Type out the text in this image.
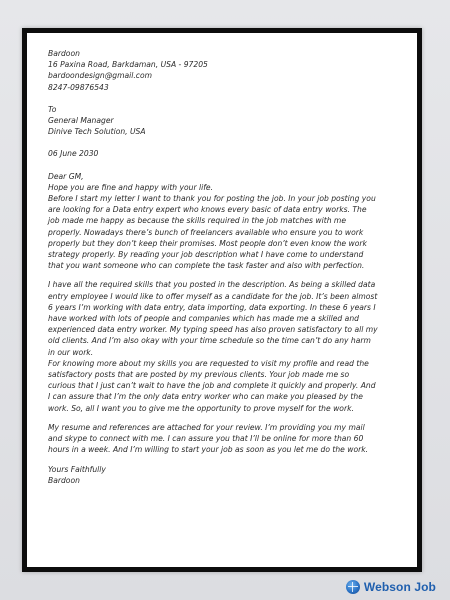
Bardoon
16 Paxina Road, Barkdaman, USA - 97205
bardoondesign@gmail.com
8247-09876543
To
General Manager
Dinive Tech Solution, USA
06 June 2030
Dear GM,
Hope you are fine and happy with your life.
Before I start my letter I want to thank you for posting the job. In your job posting you
are looking for a Data entry expert who knows every basic of data entry works. The
job made me happy as because the skills required in the job matches with me
properly. Nowadays there’s bunch of freelancers available who ensure you to work
properly but they don’t keep their promises. Most people don’t even know the work
strategy properly. By reading your job description what I have come to understand
that you want someone who can complete the task faster and also with perfection.
I have all the required skills that you posted in the description. As being a skilled data
entry employee I would like to offer myself as a candidate for the job. It’s been almost
6 years I’m working with data entry, data importing, data exporting. In these 6 years I
have worked with lots of people and companies which has made me a skilled and
experienced data entry worker. My typing speed has also proven satisfactory to all my
old clients. And I’m also okay with your time schedule so the time can’t do any harm
in our work.
For knowing more about my skills you are requested to visit my profile and read the
satisfactory posts that are posted by my previous clients. Your job made me so
curious that I just can’t wait to have the job and complete it quickly and properly. And
I can assure that I’m the only data entry worker who can make you pleased by the
work. So, all I want you to give me the opportunity to prove myself for the work.
My resume and references are attached for your review. I’m providing you my mail
and skype to connect with me. I can assure you that I’ll be online for more than 60
hours in a week. And I’m willing to start your job as soon as you let me do the work.
Yours Faithfully
Bardoon
Webson Job
